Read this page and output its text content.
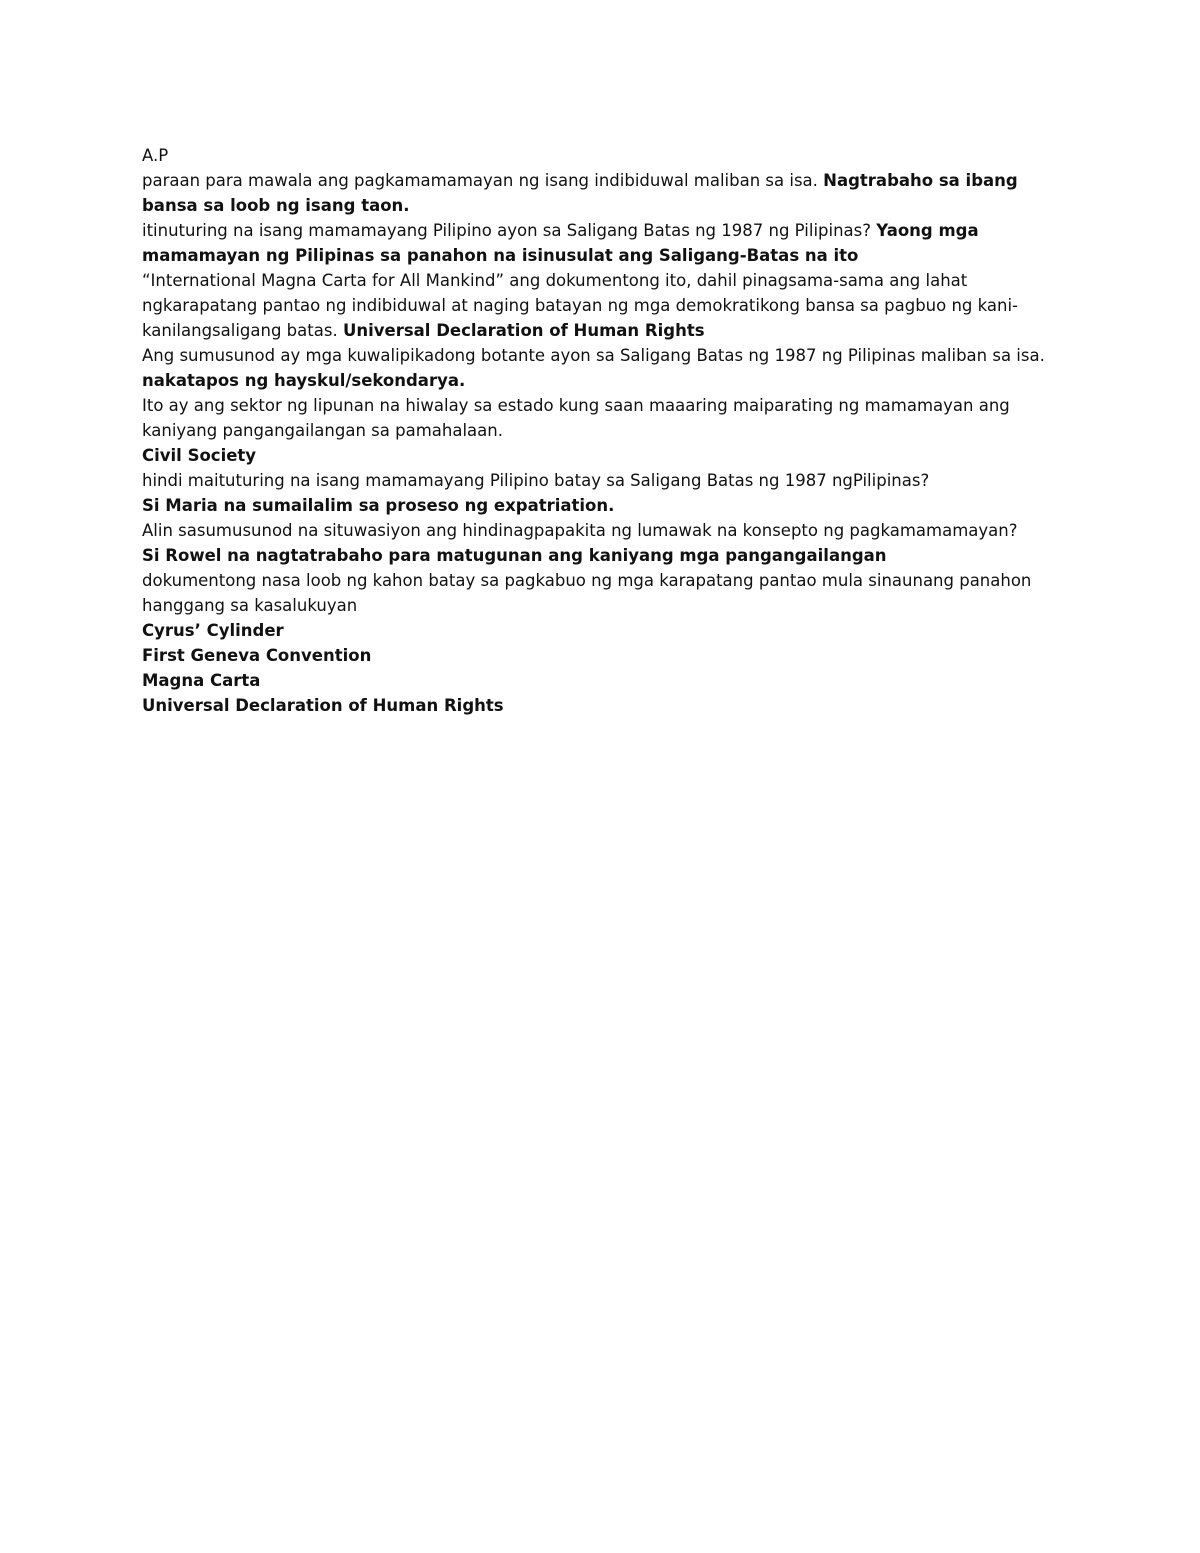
A.P
paraan para mawala ang pagkamamamayan ng isang indibiduwal maliban sa isa. Nagtrabaho sa ibang bansa sa loob ng isang taon.
itinuturing na isang mamamayang Pilipino ayon sa Saligang Batas ng 1987 ng Pilipinas? Yaong mga mamamayan ng Pilipinas sa panahon na isinusulat ang Saligang-Batas na ito
“International Magna Carta for All Mankind” ang dokumentong ito, dahil pinagsama-sama ang lahat ngkarapatang pantao ng indibiduwal at naging batayan ng mga demokratikong bansa sa pagbuo ng kani-kanilangsaligang batas. Universal Declaration of Human Rights
Ang sumusunod ay mga kuwalipikadong botante ayon sa Saligang Batas ng 1987 ng Pilipinas maliban sa isa.
nakatapos ng hayskul/sekondarya.
Ito ay ang sektor ng lipunan na hiwalay sa estado kung saan maaaring maiparating ng mamamayan ang kaniyang pangangailangan sa pamahalaan.
Civil Society
hindi maituturing na isang mamamayang Pilipino batay sa Saligang Batas ng 1987 ngPilipinas?
Si Maria na sumailalim sa proseso ng expatriation.
Alin sasumusunod na situwasiyon ang hindinagpapakita ng lumawak na konsepto ng pagkamamamayan?
Si Rowel na nagtatrabaho para matugunan ang kaniyang mga pangangailangan
dokumentong nasa loob ng kahon batay sa pagkabuo ng mga karapatang pantao mula sinaunang panahon hanggang sa kasalukuyan
Cyrus’ Cylinder
First Geneva Convention
Magna Carta
Universal Declaration of Human Rights
